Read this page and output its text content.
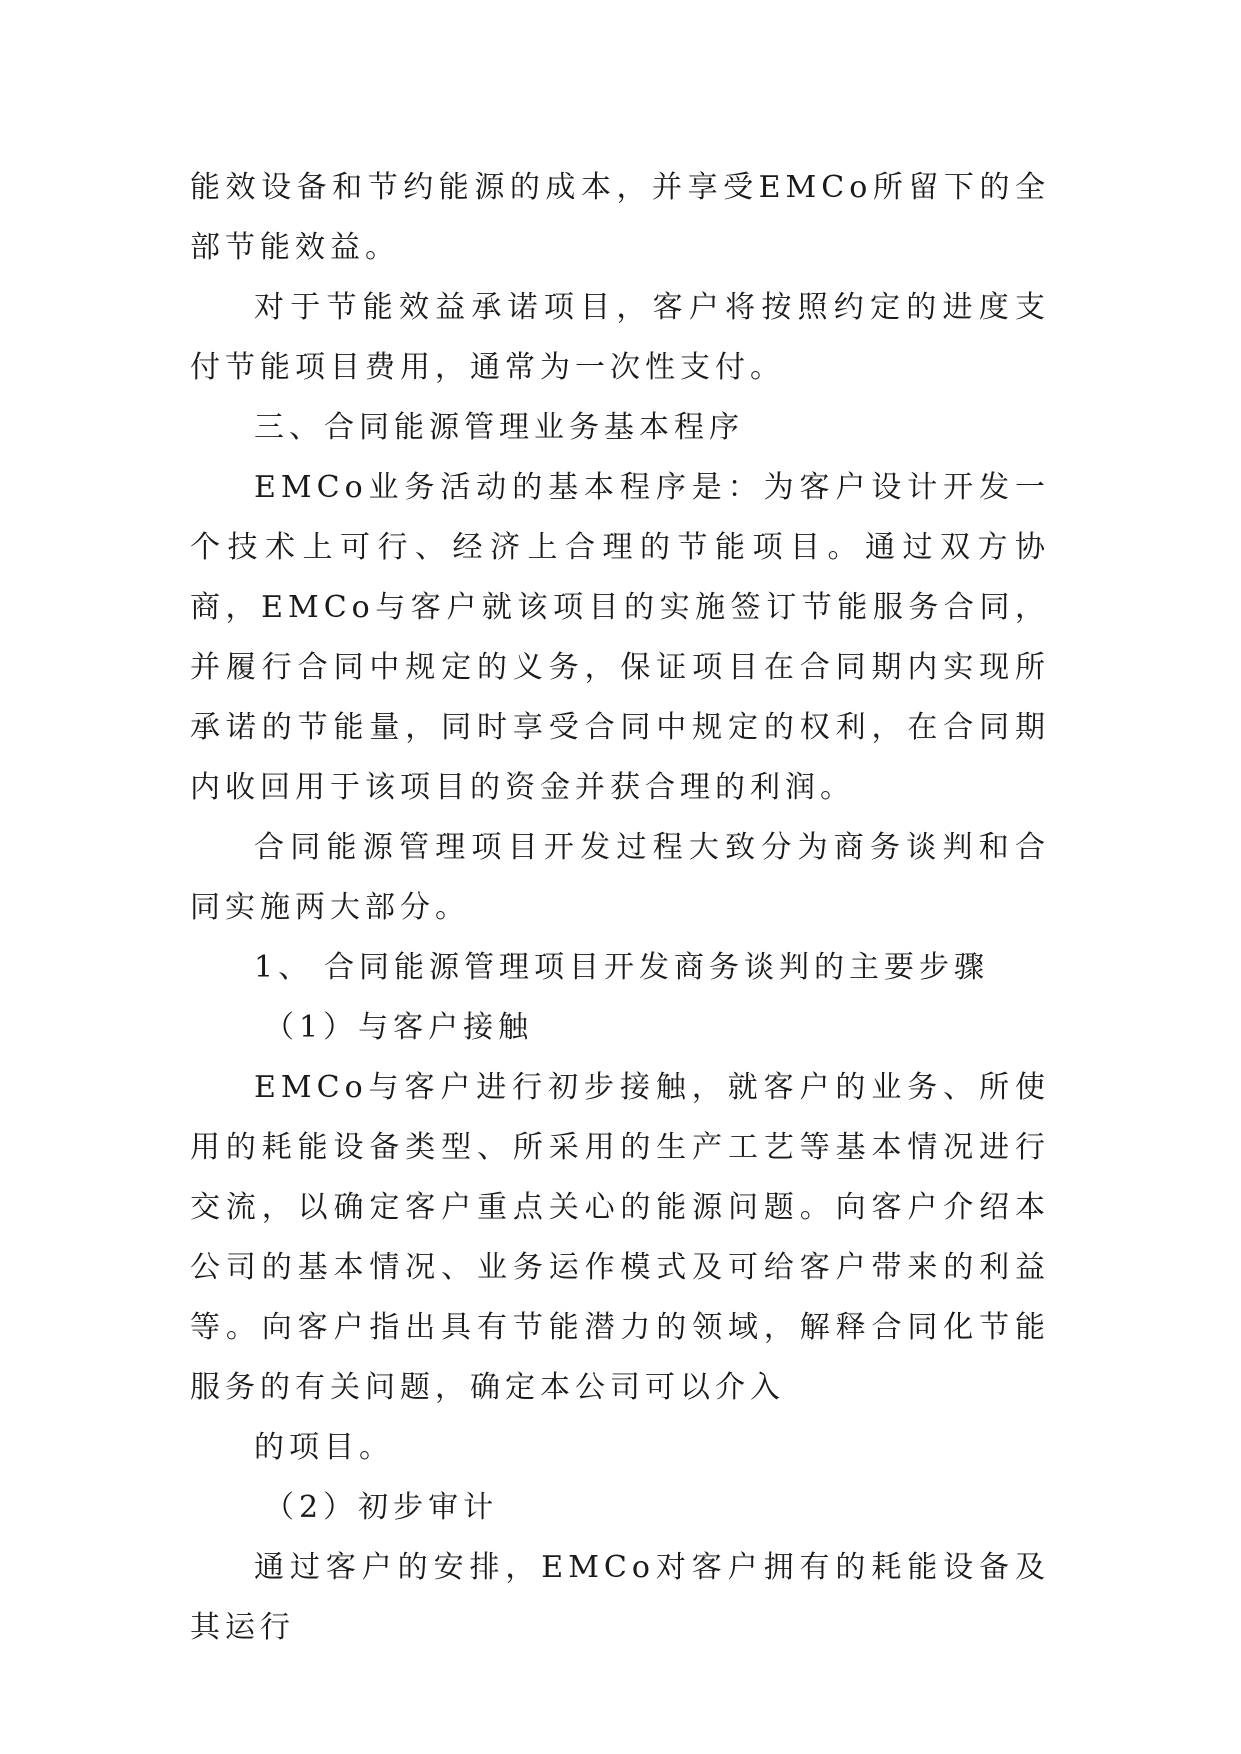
能效设备和节约能源的成本，并享受EMCo所留下的全部节能效益。

对于节能效益承诺项目，客户将按照约定的进度支付节能项目费用，通常为一次性支付。

三、合同能源管理业务基本程序

EMCo业务活动的基本程序是：为客户设计开发一个技术上可行、经济上合理的节能项目。通过双方协商，EMCo与客户就该项目的实施签订节能服务合同，并履行合同中规定的义务，保证项目在合同期内实现所承诺的节能量，同时享受合同中规定的权利，在合同期内收回用于该项目的资金并获合理的利润。

合同能源管理项目开发过程大致分为商务谈判和合同实施两大部分。

1、 合同能源管理项目开发商务谈判的主要步骤

（1）与客户接触

EMCo与客户进行初步接触，就客户的业务、所使用的耗能设备类型、所采用的生产工艺等基本情况进行交流，以确定客户重点关心的能源问题。向客户介绍本公司的基本情况、业务运作模式及可给客户带来的利益等。向客户指出具有节能潜力的领域，解释合同化节能服务的有关问题，确定本公司可以介入

的项目。

（2）初步审计

通过客户的安排，EMCo对客户拥有的耗能设备及其运行
